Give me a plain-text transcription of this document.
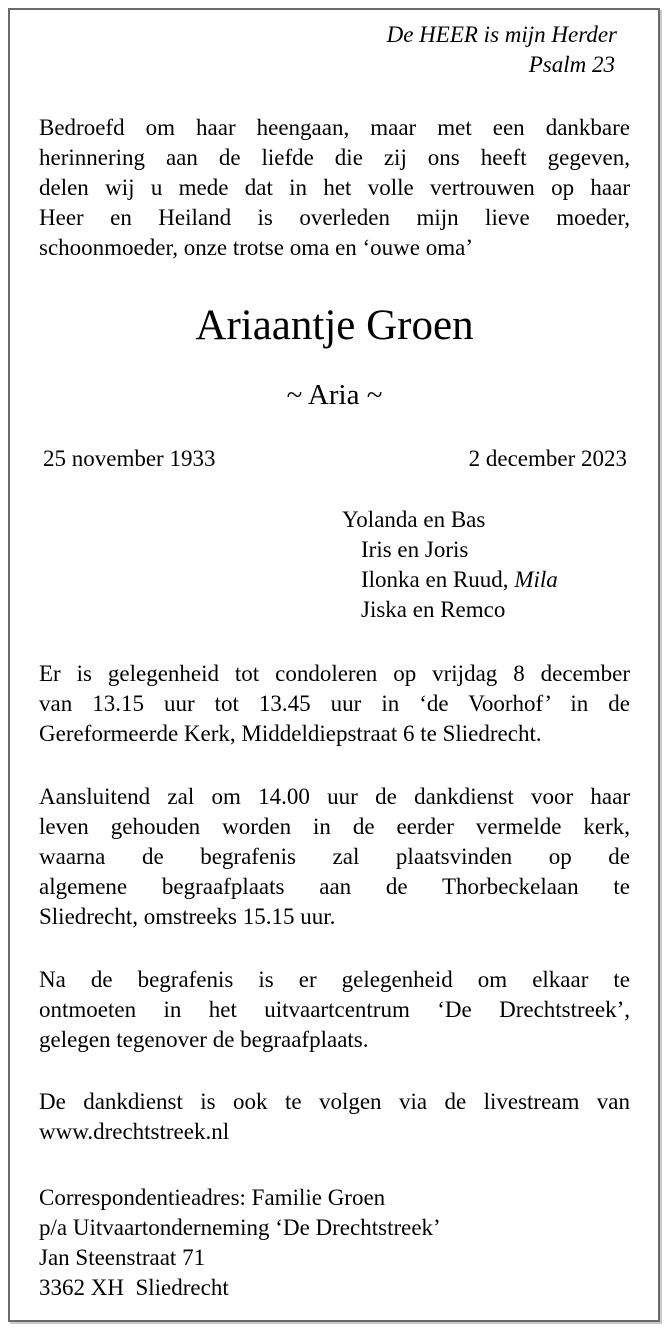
De HEER is mijn Herder
Psalm 23
Bedroefd om haar heengaan, maar met een dankbare
herinnering aan de liefde die zij ons heeft gegeven,
delen wij u mede dat in het volle vertrouwen op haar
Heer en Heiland is overleden mijn lieve moeder,
schoonmoeder, onze trotse oma en ‘ouwe oma’
Ariaantje Groen
~ Aria ~
25 november 1933	2 december 2023
Yolanda en Bas
Iris en Joris
Ilonka en Ruud, Mila
Jiska en Remco
Er is gelegenheid tot condoleren op vrijdag 8 december
van 13.15 uur tot 13.45 uur in ‘de Voorhof’ in de
Gereformeerde Kerk, Middeldiepstraat 6 te Sliedrecht.
Aansluitend zal om 14.00 uur de dankdienst voor haar
leven gehouden worden in de eerder vermelde kerk,
waarna de begrafenis zal plaatsvinden op de
algemene begraafplaats aan de Thorbeckelaan te
Sliedrecht, omstreeks 15.15 uur.
Na de begrafenis is er gelegenheid om elkaar te
ontmoeten in het uitvaartcentrum ‘De Drechtstreek’,
gelegen tegenover de begraafplaats.
De dankdienst is ook te volgen via de livestream van
www.drechtstreek.nl
Correspondentieadres: Familie Groen
p/a Uitvaartonderneming ‘De Drechtstreek’
Jan Steenstraat 71
3362 XH  Sliedrecht
